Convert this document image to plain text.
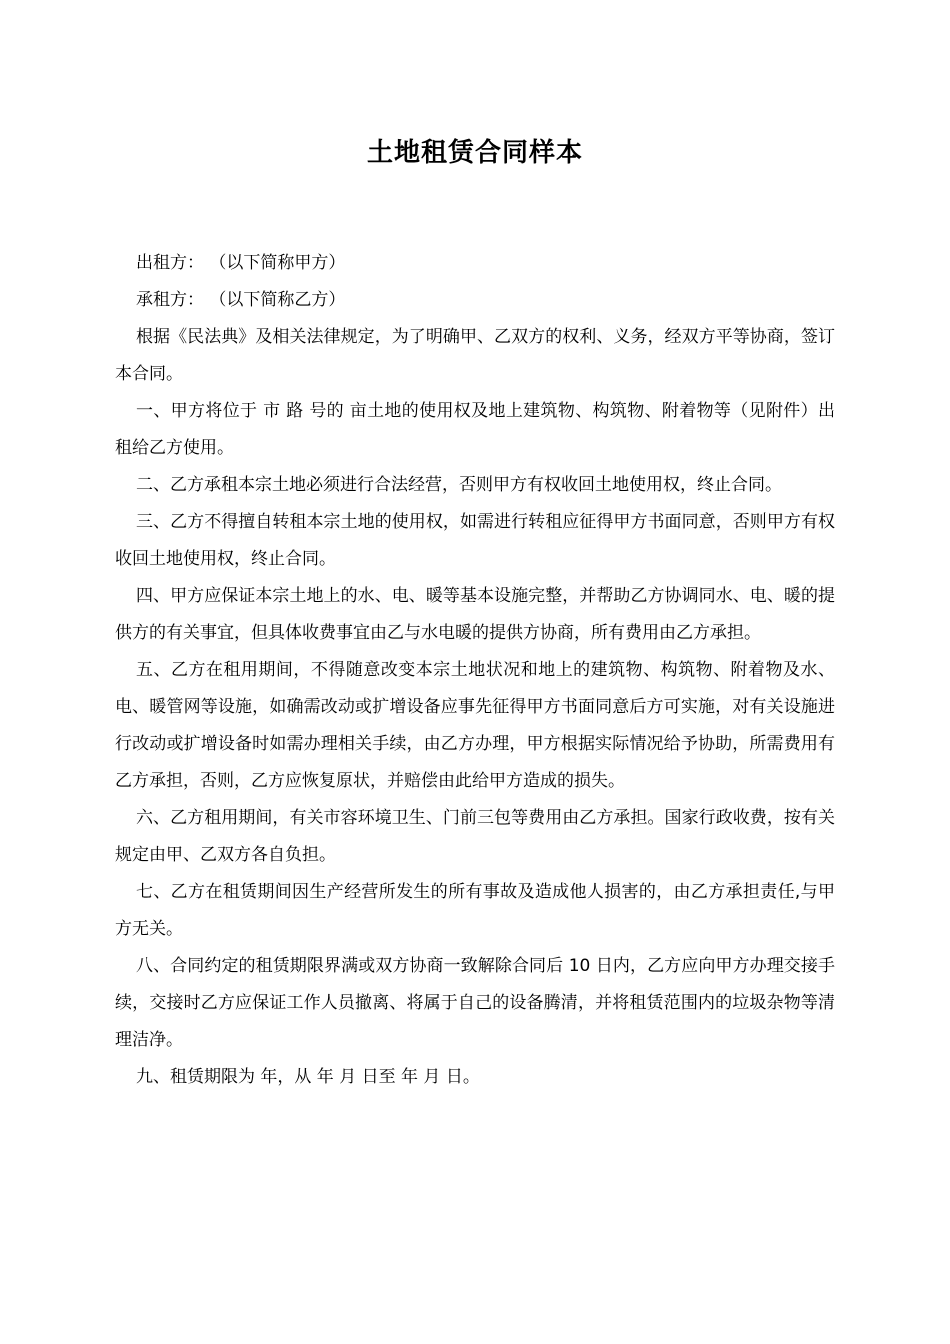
土地租赁合同样本

出租方： （以下简称甲方）

承租方： （以下简称乙方）

根据《民法典》及相关法律规定，为了明确甲、乙双方的权利、义务，经双方平等协商，签订本合同。

一、甲方将位于 市 路 号的 亩土地的使用权及地上建筑物、构筑物、附着物等（见附件）出租给乙方使用。

二、乙方承租本宗土地必须进行合法经营，否则甲方有权收回土地使用权，终止合同。

三、乙方不得擅自转租本宗土地的使用权，如需进行转租应征得甲方书面同意，否则甲方有权收回土地使用权，终止合同。

四、甲方应保证本宗土地上的水、电、暖等基本设施完整，并帮助乙方协调同水、电、暖的提供方的有关事宜，但具体收费事宜由乙与水电暖的提供方协商，所有费用由乙方承担。

五、乙方在租用期间，不得随意改变本宗土地状况和地上的建筑物、构筑物、附着物及水、电、暖管网等设施，如确需改动或扩增设备应事先征得甲方书面同意后方可实施，对有关设施进行改动或扩增设备时如需办理相关手续，由乙方办理，甲方根据实际情况给予协助，所需费用有乙方承担，否则，乙方应恢复原状，并赔偿由此给甲方造成的损失。

六、乙方租用期间，有关市容环境卫生、门前三包等费用由乙方承担。国家行政收费，按有关规定由甲、乙双方各自负担。

七、乙方在租赁期间因生产经营所发生的所有事故及造成他人损害的，由乙方承担责任,与甲方无关。

八、合同约定的租赁期限界满或双方协商一致解除合同后 10 日内，乙方应向甲方办理交接手续，交接时乙方应保证工作人员撤离、将属于自己的设备腾清，并将租赁范围内的垃圾杂物等清理洁净。

九、租赁期限为 年，从 年 月 日至 年 月 日。
